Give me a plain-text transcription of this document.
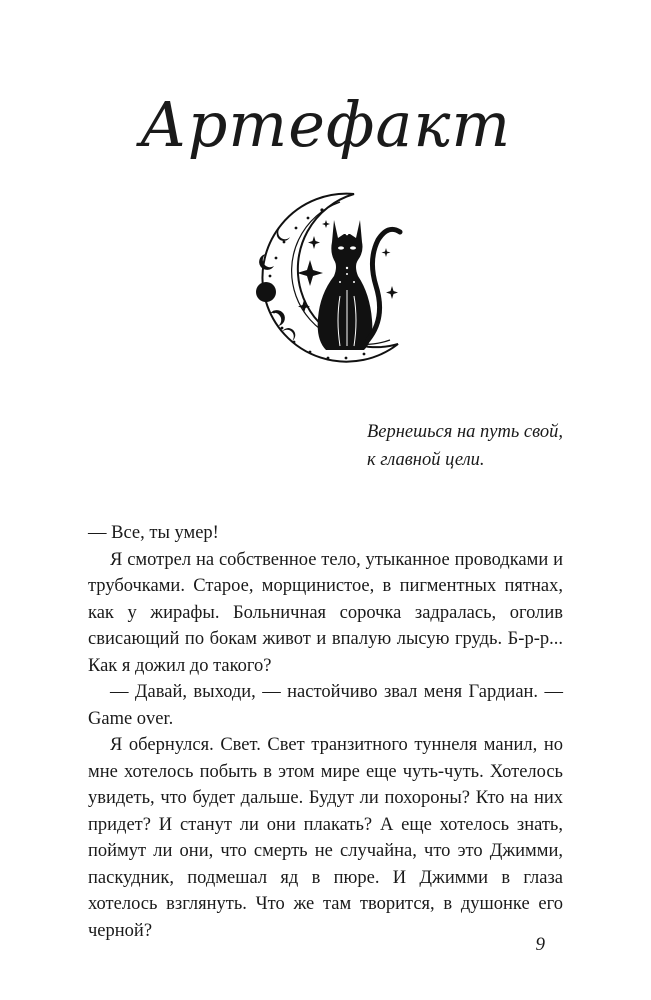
Артефакт
Вернешься на путь свой,
к главной цели.

— Все, ты умер!

Я смотрел на собственное тело, утыканное проводками и трубочками. Старое, морщинистое, в пигментных пятнах, как у жирафы. Больничная сорочка задралась, оголив свисающий по бокам живот и впалую лысую грудь. Б-р-р... Как я дожил до такого?

— Давай, выходи, — настойчиво звал меня Гардиан. — Game over.

Я обернулся. Свет. Свет транзитного туннеля манил, но мне хотелось побыть в этом мире еще чуть-чуть. Хотелось увидеть, что будет дальше. Будут ли похороны? Кто на них придет? И станут ли они плакать? А еще хотелось знать, поймут ли они, что смерть не случайна, что это Джимми, паскудник, подмешал яд в пюре. И Джимми в глаза хотелось взглянуть. Что же там творится, в душонке его черной?

9
